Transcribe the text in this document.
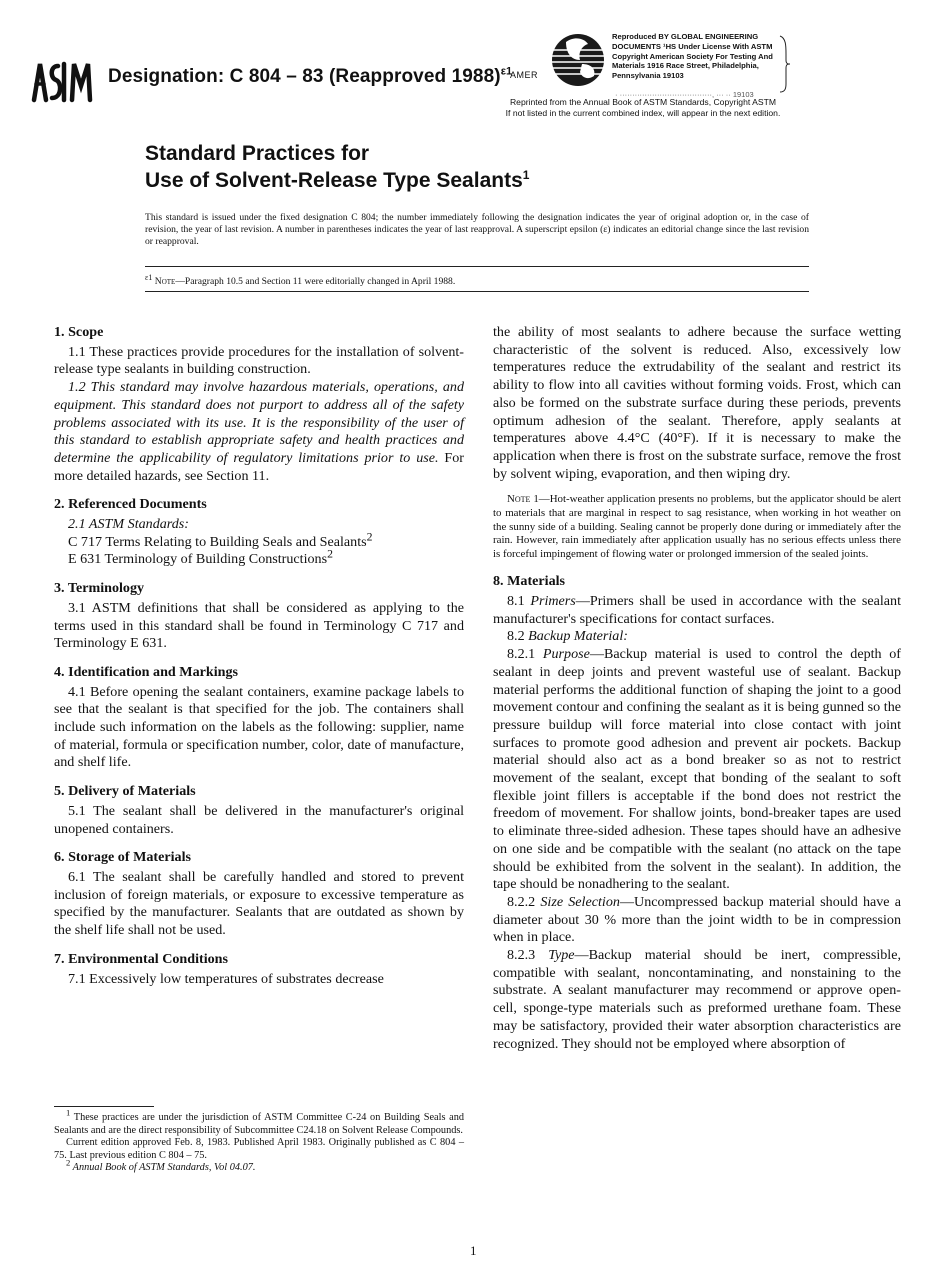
Designation: C 804 – 83 (Reapproved 1988)$^{\varepsilon 1}$
AMER
Reproduced BY GLOBAL ENGINEERING
DOCUMENTS ¹HS Under License With ASTM
Copyright American Society For Testing And
Materials 1916 Race Street, Philadelphia,
Pennsylvania 19103
· ·····································, ··· ·· 19103
Reprinted from the Annual Book of ASTM Standards, Copyright ASTM
If not listed in the current combined index, will appear in the next edition.
Standard Practices for
Use of Solvent-Release Type Sealants$^1$
This standard is issued under the fixed designation C 804; the number immediately following the designation indicates the year of original adoption or, in the case of revision, the year of last revision. A number in parentheses indicates the year of last reapproval. A superscript epsilon (ε) indicates an editorial change since the last revision or reapproval.
$^{\varepsilon 1}$ Note—Paragraph 10.5 and Section 11 were editorially changed in April 1988.
1. Scope

1.1 These practices provide procedures for the installation of solvent-release type sealants in building construction.

1.2 This standard may involve hazardous materials, operations, and equipment. This standard does not purport to address all of the safety problems associated with its use. It is the responsibility of the user of this standard to establish appropriate safety and health practices and determine the applicability of regulatory limitations prior to use. For more detailed hazards, see Section 11.

2. Referenced Documents

2.1 ASTM Standards:

C 717 Terms Relating to Building Seals and Sealants$^2$

E 631 Terminology of Building Constructions$^2$

3. Terminology

3.1 ASTM definitions that shall be considered as applying to the terms used in this standard shall be found in Terminology C 717 and Terminology E 631.

4. Identification and Markings

4.1 Before opening the sealant containers, examine package labels to see that the sealant is that specified for the job. The containers shall include such information on the labels as the following: supplier, name of material, formula or specification number, color, date of manufacture, and shelf life.

5. Delivery of Materials

5.1 The sealant shall be delivered in the manufacturer's original unopened containers.

6. Storage of Materials

6.1 The sealant shall be carefully handled and stored to prevent inclusion of foreign materials, or exposure to excessive temperature as specified by the manufacturer. Sealants that are outdated as shown by the shelf life shall not be used.

7. Environmental Conditions

7.1 Excessively low temperatures of substrates decrease

the ability of most sealants to adhere because the surface wetting characteristic of the solvent is reduced. Also, excessively low temperatures reduce the extrudability of the sealant and restrict its ability to flow into all cavities without forming voids. Frost, which can also be formed on the substrate surface during these periods, prevents optimum adhesion of the sealant. Therefore, apply sealants at temperatures above 4.4°C (40°F). If it is necessary to make the application when there is frost on the substrate surface, remove the frost by solvent wiping, evaporation, and then wiping dry.

Note 1—Hot-weather application presents no problems, but the applicator should be alert to materials that are marginal in respect to sag resistance, when working in hot weather on the sunny side of a building. Sealing cannot be properly done during or immediately after the rain. However, rain immediately after application usually has no serious effects unless there is forceful impingement of flowing water or prolonged immersion of the sealed joints.

8. Materials

8.1 Primers—Primers shall be used in accordance with the sealant manufacturer's specifications for contact surfaces.

8.2 Backup Material:

8.2.1 Purpose—Backup material is used to control the depth of sealant in deep joints and prevent wasteful use of sealant. Backup material performs the additional function of shaping the joint to a good movement contour and confining the sealant as it is being gunned so the pressure buildup will force material into close contact with joint surfaces to promote good adhesion and prevent air pockets. Backup material should also act as a bond breaker so as not to restrict movement of the sealant, except that bonding of the sealant to soft flexible joint fillers is acceptable if the bond does not restrict the freedom of movement. For shallow joints, bond-breaker tapes are used to eliminate three-sided adhesion. These tapes should have an adhesive on one side and be compatible with the sealant (no attack on the tape should be exhibited from the solvent in the sealant). In addition, the tape should be nonadhering to the sealant.

8.2.2 Size Selection—Uncompressed backup material should have a diameter about 30 % more than the joint width to be in compression when in place.

8.2.3 Type—Backup material should be inert, compressible, compatible with sealant, noncontaminating, and nonstaining to the substrate. A sealant manufacturer may recommend or approve open-cell, sponge-type materials such as preformed urethane foam. These may be satisfactory, provided their water absorption characteristics are recognized. They should not be employed where absorption of

$^1$ These practices are under the jurisdiction of ASTM Committee C-24 on Building Seals and Sealants and are the direct responsibility of Subcommittee C24.18 on Solvent Release Compounds.

Current edition approved Feb. 8, 1983. Published April 1983. Originally published as C 804 – 75. Last previous edition C 804 – 75.

$^2$ Annual Book of ASTM Standards, Vol 04.07.

1
